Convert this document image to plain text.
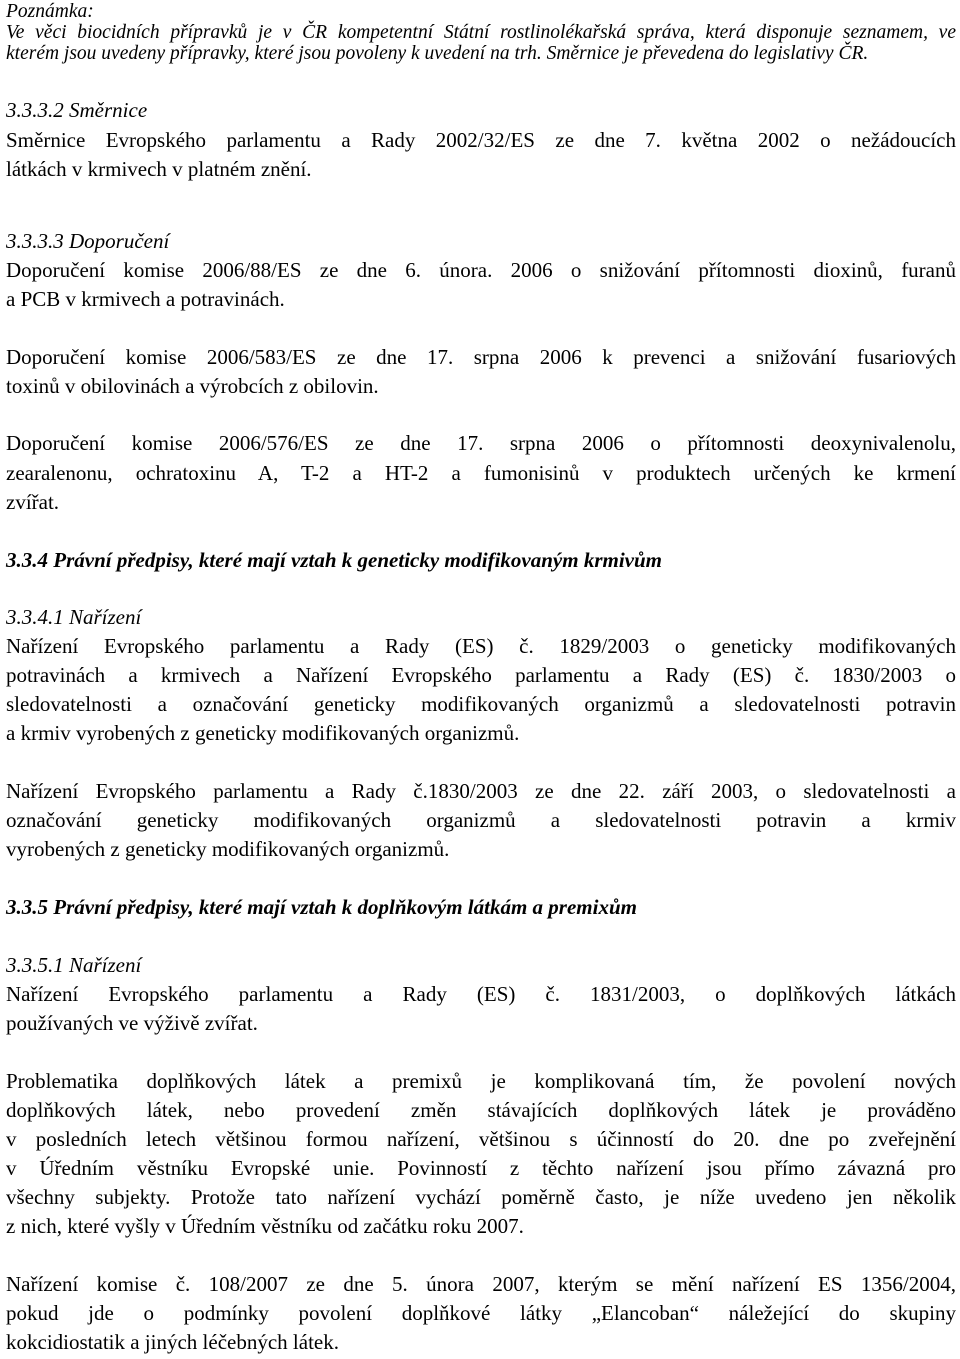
Poznámka:
Ve věci biocidních přípravků je v ČR kompetentní Státní rostlinolékařská správa, která disponuje seznamem, ve
kterém jsou uvedeny přípravky, které jsou povoleny k uvedení na trh. Směrnice je převedena do legislativy ČR.
3.3.3.2 Směrnice
Směrnice Evropského parlamentu a Rady 2002/32/ES ze dne 7. května 2002 o nežádoucích
látkách v krmivech v platném znění.
3.3.3.3 Doporučení
Doporučení komise 2006/88/ES ze dne 6. února. 2006 o snižování přítomnosti dioxinů, furanů
a PCB v krmivech a potravinách.
Doporučení komise 2006/583/ES ze dne 17. srpna 2006 k prevenci a snižování fusariových
toxinů v obilovinách a výrobcích z obilovin.
Doporučení komise 2006/576/ES ze dne 17. srpna 2006 o přítomnosti deoxynivalenolu,
zearalenonu, ochratoxinu A, T-2 a HT-2 a fumonisinů v produktech určených ke krmení
zvířat.
3.3.4 Právní předpisy, které mají vztah k geneticky modifikovaným krmivům
3.3.4.1 Nařízení
Nařízení Evropského parlamentu a Rady (ES) č. 1829/2003 o geneticky modifikovaných
potravinách a krmivech a Nařízení Evropského parlamentu a Rady (ES) č. 1830/2003 o
sledovatelnosti a označování geneticky modifikovaných organizmů a sledovatelnosti potravin
a krmiv vyrobených z geneticky modifikovaných organizmů.
Nařízení Evropského parlamentu a Rady č.1830/2003 ze dne 22. září 2003, o sledovatelnosti a
označování geneticky modifikovaných organizmů a sledovatelnosti potravin a krmiv
vyrobených z geneticky modifikovaných organizmů.
3.3.5 Právní předpisy, které mají vztah k doplňkovým látkám a premixům
3.3.5.1 Nařízení
Nařízení Evropského parlamentu a Rady (ES) č. 1831/2003, o doplňkových látkách
používaných ve výživě zvířat.
Problematika doplňkových látek a premixů je komplikovaná tím, že povolení nových
doplňkových látek, nebo provedení změn stávajících doplňkových látek je prováděno
v posledních letech většinou formou nařízení, většinou s účinností do 20. dne po zveřejnění
v Úředním věstníku Evropské unie. Povinností z těchto nařízení jsou přímo závazná pro
všechny subjekty. Protože tato nařízení vychází poměrně často, je níže uvedeno jen několik
z nich, které vyšly v Úředním věstníku od začátku roku 2007.
Nařízení komise č. 108/2007 ze dne 5. února 2007, kterým se mění nařízení ES 1356/2004,
pokud jde o podmínky povolení doplňkové látky „Elancoban“ náležející do skupiny
kokcidiostatik a jiných léčebných látek.
